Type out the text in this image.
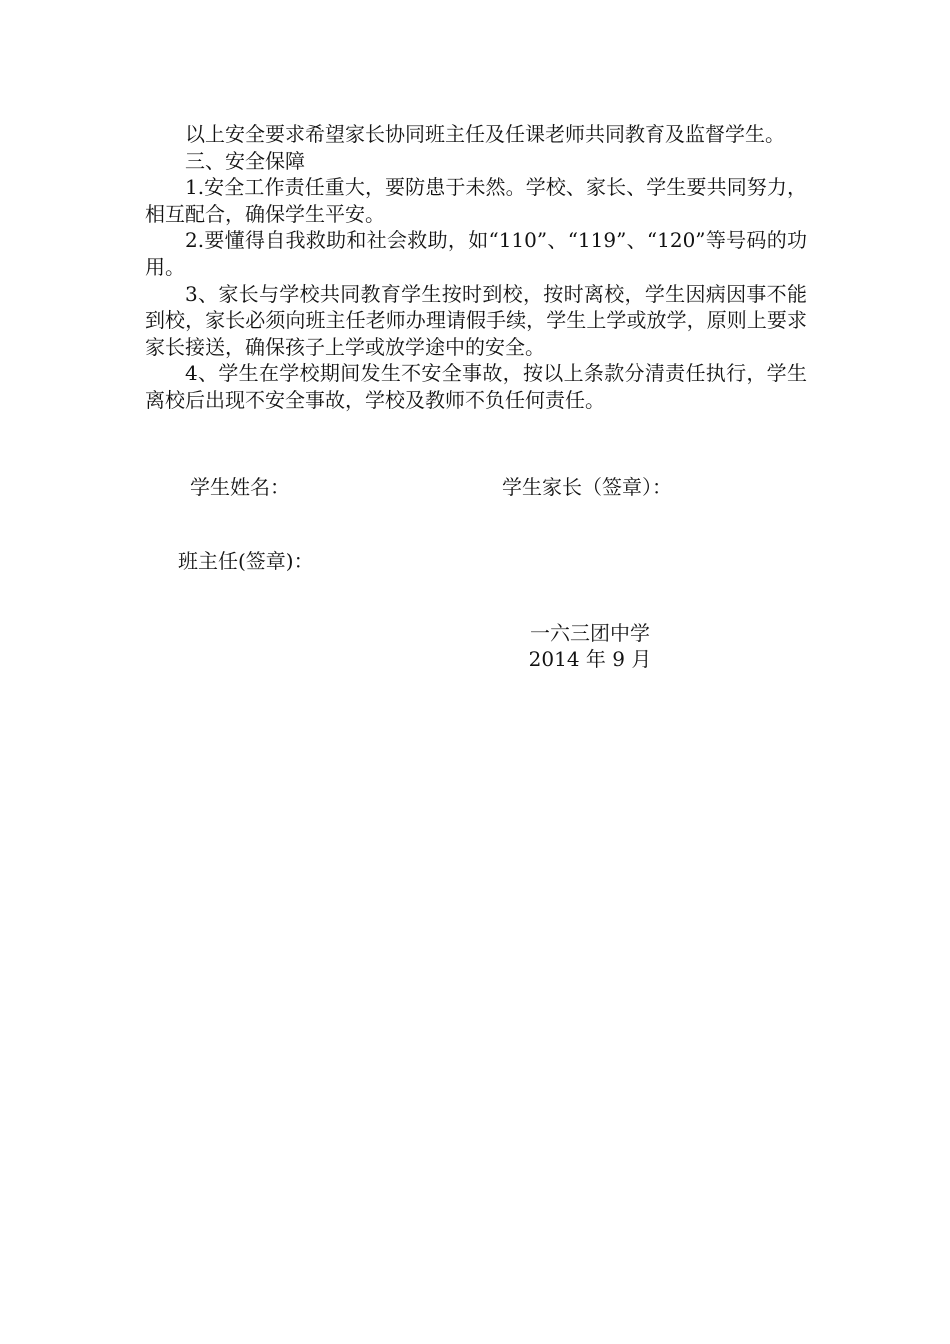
以上安全要求希望家长协同班主任及任课老师共同教育及监督学生。

三、安全保障

1.安全工作责任重大，要防患于未然。学校、家长、学生要共同努力，相互配合，确保学生平安。

2.要懂得自我救助和社会救助，如“110”、“119”、“120”等号码的功用。

3、家长与学校共同教育学生按时到校，按时离校，学生因病因事不能到校，家长必须向班主任老师办理请假手续，学生上学或放学，原则上要求家长接送，确保孩子上学或放学途中的安全。

4、学生在学校期间发生不安全事故，按以上条款分清责任执行，学生离校后出现不安全事故，学校及教师不负任何责任。

学生姓名：	学生家长（签章）：
班主任(签章)：
一六三团中学
2014 年 9 月
